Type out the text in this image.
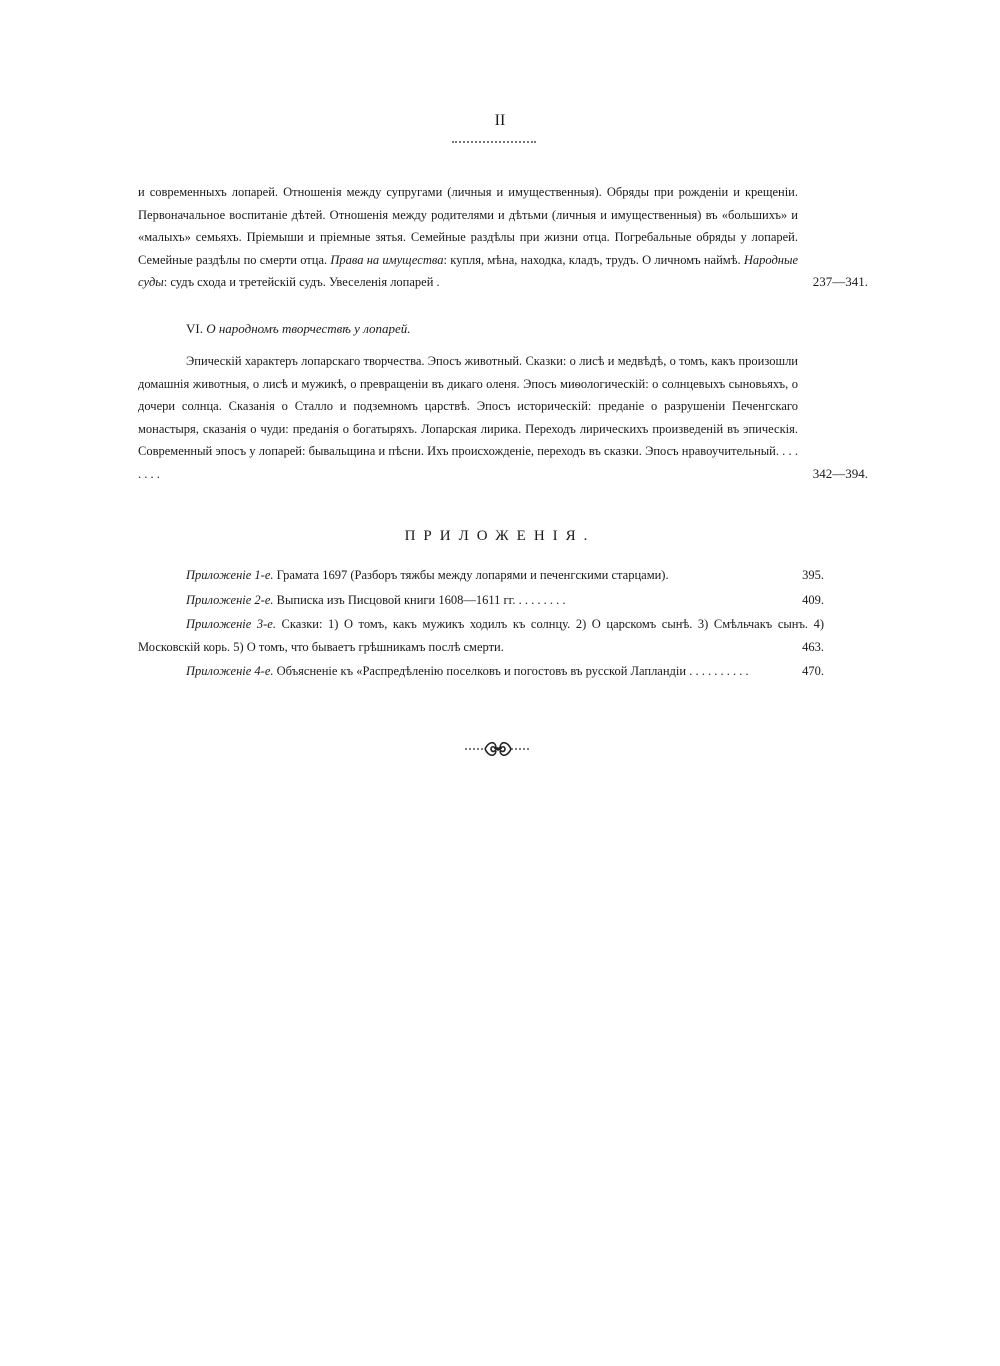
II
и современныхъ лопарей. Отношенія между супругами (личныя и имущественныя). Обряды при рожденіи и крещеніи. Первоначальное воспитаніе дѣтей. Отношенія между родителями и дѣтьми (личныя и имущественныя) въ «большихъ» и «малыхъ» семьяхъ. Пріемыши и пріемные зятья. Семейные раздѣлы при жизни отца. Погребальные обряды у лопарей. Семейные раздѣлы по смерти отца. Права на имущества: купля, мѣна, находка, кладъ, трудъ. О личномъ наймѣ. Народные суды: судъ схода и третейскій судъ. Увеселенія лопарей .	237—341.
VI. О народномъ творчествѣ у лопарей.
Эпическій характеръ лопарскаго творчества. Эпосъ животный. Сказки: о лисѣ и медвѣдѣ, о томъ, какъ произошли домашнія животныя, о лисѣ и мужикѣ, о превращеніи въ дикаго оленя. Эпосъ миѳологическій: о солнцевыхъ сыновьяхъ, о дочери солнца. Сказанія о Сталло и подземномъ царствѣ. Эпосъ историческій: преданіе о разрушеніи Печенгскаго монастыря, сказанія о чуди: преданія о богатыряхъ. Лопарская лирика. Переходъ лирическихъ произведеній въ эпическія. Современный эпосъ у лопарей: бывальщина и пѣсни. Ихъ происхожденіе, переходъ въ сказки. Эпосъ нравоучительный. . . . . . . .	342—394.
ПРИЛОЖЕНІЯ.
Приложеніе 1-е. Грамата 1697 (Разборъ тяжбы между лопарями и печенгскими старцами).	395.
Приложеніе 2-е. Выписка изъ Писцовой книги 1608—1611 гг. . . . . . . . .	409.
Приложеніе 3-е. Сказки: 1) О томъ, какъ мужикъ ходилъ къ солнцу. 2) О царскомъ сынѣ. 3) Смѣльчакъ сынъ. 4) Московскій корь. 5) О томъ, что бываетъ грѣшникамъ послѣ смерти.	463.
Приложеніе 4-е. Объясненіе къ «Распредѣленію поселковъ и погостовъ въ русской Лапландіи . . . . . . . . . .	470.
